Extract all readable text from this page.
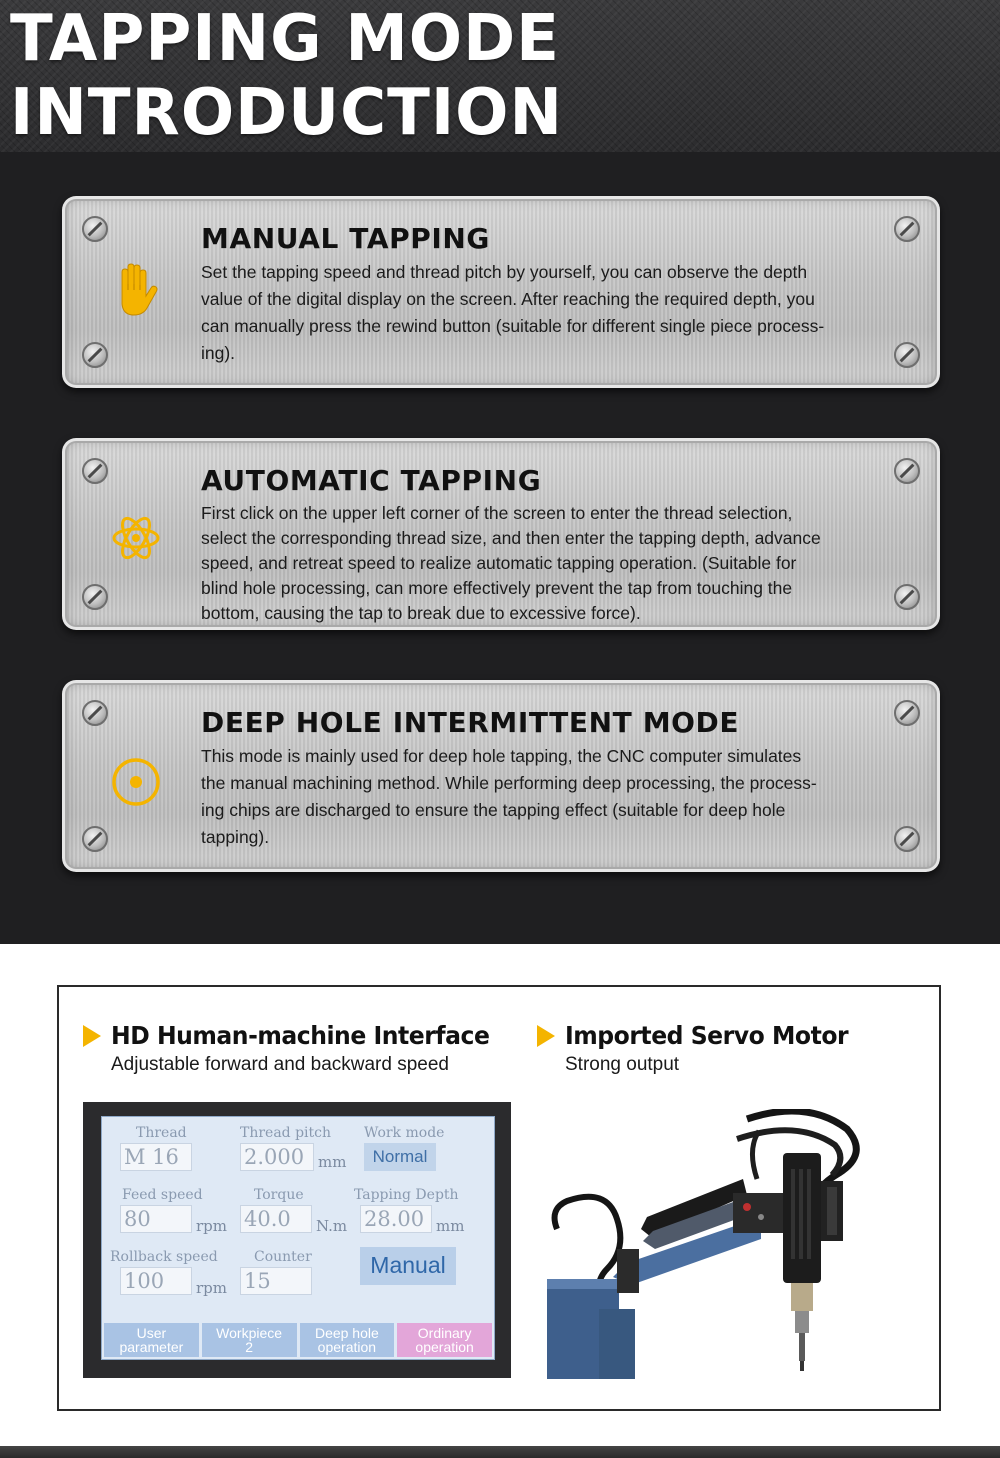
TAPPING MODE INTRODUCTION
MANUAL TAPPING

Set the tapping speed and thread pitch by yourself, you can observe the depth
value of the digital display on the screen. After reaching the required depth, you
can manually press the rewind button (suitable for different single piece process-
ing).

AUTOMATIC TAPPING

First click on the upper left corner of the screen to enter the thread selection,
select the corresponding thread size, and then enter the tapping depth, advance
speed, and retreat speed to realize automatic tapping operation. (Suitable for
blind hole processing, can more effectively prevent the tap from touching the
bottom, causing the tap to break due to excessive force).

DEEP HOLE INTERMITTENT MODE

This mode is mainly used for deep hole tapping, the CNC computer simulates
the manual machining method. While performing deep processing, the process-
ing chips are discharged to ensure the tapping effect (suitable for deep hole
tapping).

HD Human-machine Interface
Adjustable forward and backward speed
Imported Servo Motor
Strong output
Thread
M 16
Thread pitch
2.000 mm
Work mode
Normal
Feed speed
80	rpm
Torque
40.0	N.m
Tapping Depth
28.00 mm
Rollback speed
100	rpm
Counter
15
Manual
User
parameter
Workpiece
2
Deep hole
operation
Ordinary
operation
